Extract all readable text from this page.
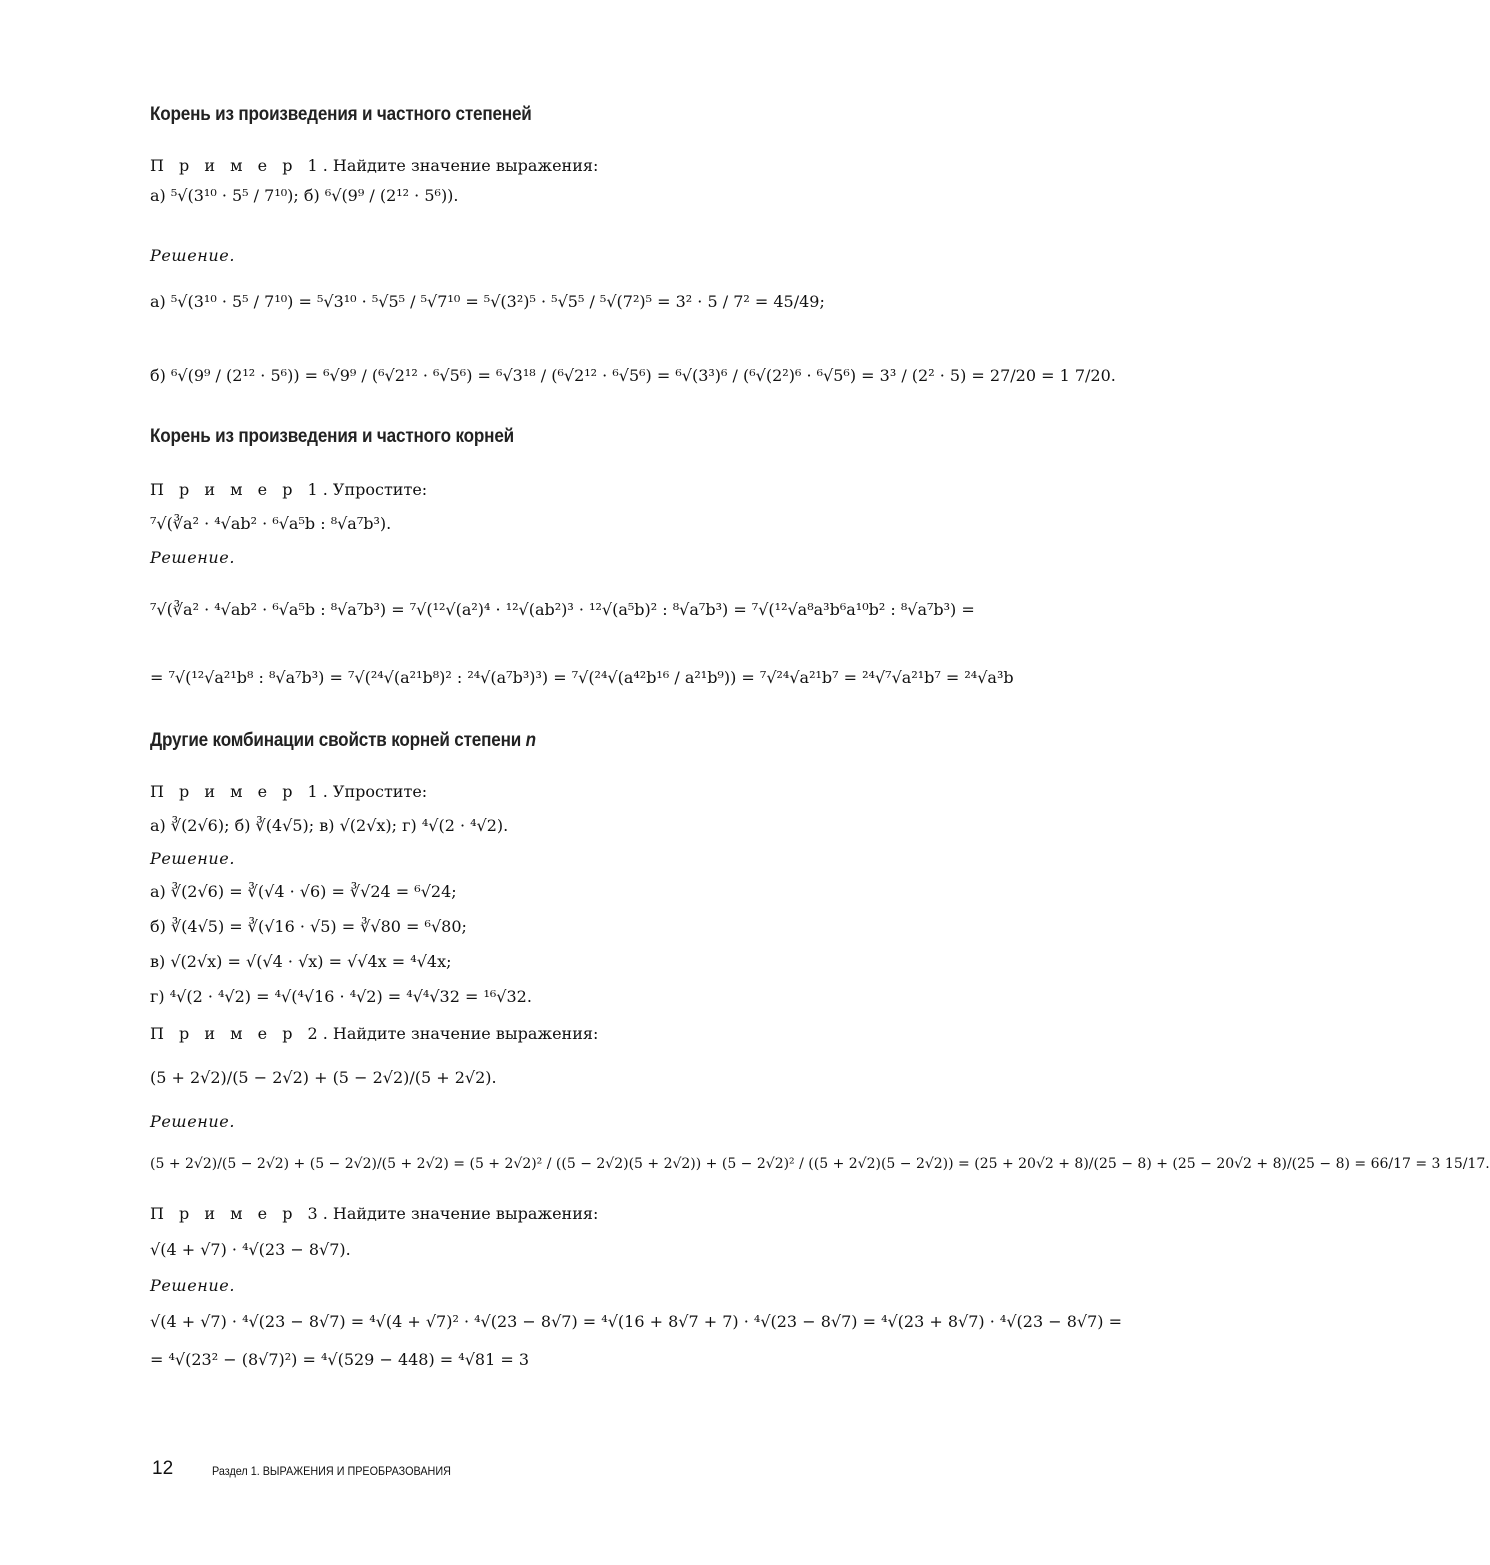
Корень из произведения и частного степеней
П р и м е р 1. Найдите значение выражения:
а) ⁵√(3¹⁰ · 5⁵ / 7¹⁰); б) ⁶√(9⁹ / (2¹² · 5⁶)).
Решение.
а) ⁵√(3¹⁰ · 5⁵ / 7¹⁰) = ⁵√3¹⁰ · ⁵√5⁵ / ⁵√7¹⁰ = ⁵√(3²)⁵ · ⁵√5⁵ / ⁵√(7²)⁵ = 3² · 5 / 7² = 45/49;
б) ⁶√(9⁹ / (2¹² · 5⁶)) = ⁶√9⁹ / (⁶√2¹² · ⁶√5⁶) = ⁶√3¹⁸ / (⁶√2¹² · ⁶√5⁶) = ⁶√(3³)⁶ / (⁶√(2²)⁶ · ⁶√5⁶) = 3³ / (2² · 5) = 27/20 = 1 7/20.
Корень из произведения и частного корней
П р и м е р 1. Упростите:
⁷√(∛a² · ⁴√ab² · ⁶√a⁵b : ⁸√a⁷b³).
Решение.
⁷√(∛a² · ⁴√ab² · ⁶√a⁵b : ⁸√a⁷b³) = ⁷√(¹²√(a²)⁴ · ¹²√(ab²)³ · ¹²√(a⁵b)² : ⁸√a⁷b³) = ⁷√(¹²√a⁸a³b⁶a¹⁰b² : ⁸√a⁷b³) =
= ⁷√(¹²√a²¹b⁸ : ⁸√a⁷b³) = ⁷√(²⁴√(a²¹b⁸)² : ²⁴√(a⁷b³)³) = ⁷√(²⁴√(a⁴²b¹⁶ / a²¹b⁹)) = ⁷√²⁴√a²¹b⁷ = ²⁴√⁷√a²¹b⁷ = ²⁴√a³b
Другие комбинации свойств корней степени n
П р и м е р 1. Упростите:
а) ∛(2√6); б) ∛(4√5); в) √(2√x); г) ⁴√(2 · ⁴√2).
Решение.
а) ∛(2√6) = ∛(√4 · √6) = ∛√24 = ⁶√24;
б) ∛(4√5) = ∛(√16 · √5) = ∛√80 = ⁶√80;
в) √(2√x) = √(√4 · √x) = √√4x = ⁴√4x;
г) ⁴√(2 · ⁴√2) = ⁴√(⁴√16 · ⁴√2) = ⁴√⁴√32 = ¹⁶√32.
П р и м е р 2. Найдите значение выражения:
(5 + 2√2)/(5 − 2√2) + (5 − 2√2)/(5 + 2√2).
Решение.
(5 + 2√2)/(5 − 2√2) + (5 − 2√2)/(5 + 2√2) = (5 + 2√2)² / ((5 − 2√2)(5 + 2√2)) + (5 − 2√2)² / ((5 + 2√2)(5 − 2√2)) = (25 + 20√2 + 8)/(25 − 8) + (25 − 20√2 + 8)/(25 − 8) = 66/17 = 3 15/17.
П р и м е р 3. Найдите значение выражения:
√(4 + √7) · ⁴√(23 − 8√7).
Решение.
√(4 + √7) · ⁴√(23 − 8√7) = ⁴√(4 + √7)² · ⁴√(23 − 8√7) = ⁴√(16 + 8√7 + 7) · ⁴√(23 − 8√7) = ⁴√(23 + 8√7) · ⁴√(23 − 8√7) =
= ⁴√(23² − (8√7)²) = ⁴√(529 − 448) = ⁴√81 = 3
12	Раздел 1. ВЫРАЖЕНИЯ И ПРЕОБРАЗОВАНИЯ
